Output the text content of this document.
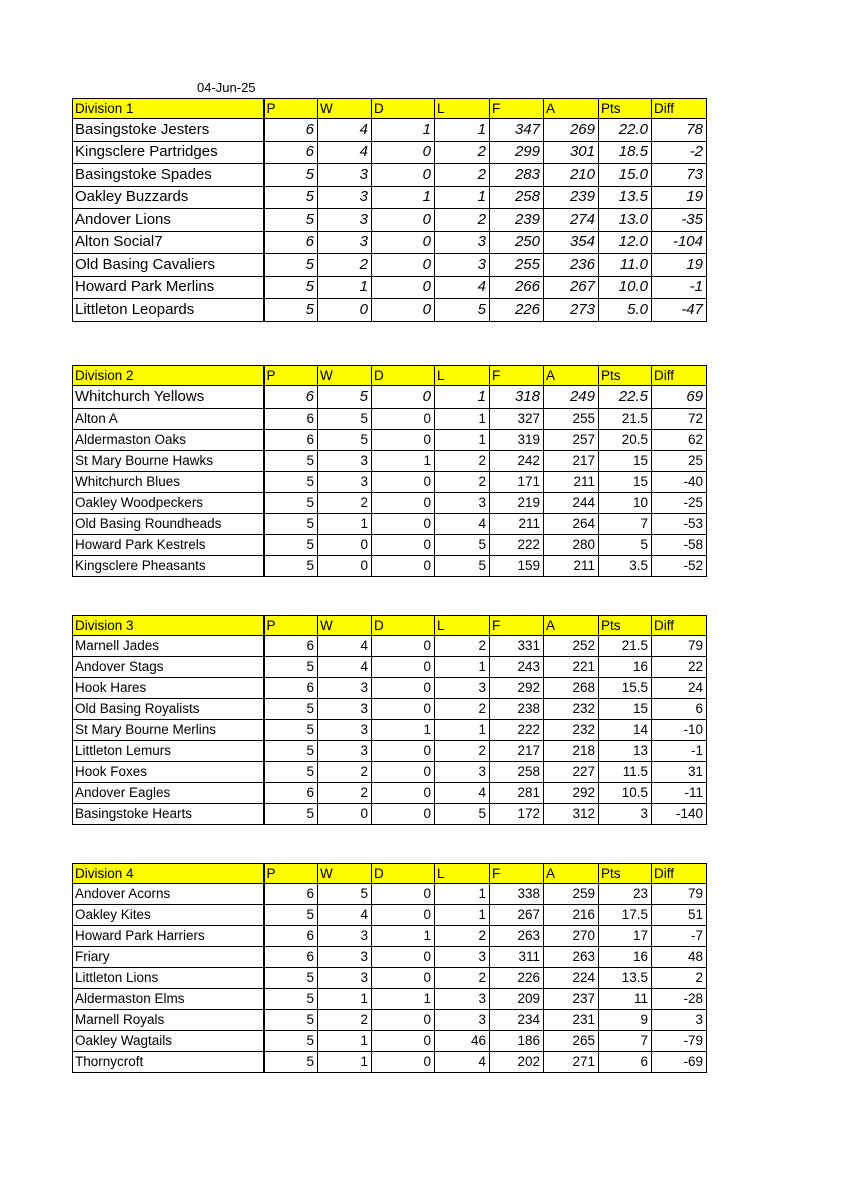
04-Jun-25
Division 1	P	W	D	L	F	A	Pts	Diff
Basingstoke Jesters	6	4	1	1	347	269	22.0	78
Kingsclere Partridges	6	4	0	2	299	301	18.5	-2
Basingstoke Spades	5	3	0	2	283	210	15.0	73
Oakley Buzzards	5	3	1	1	258	239	13.5	19
Andover Lions	5	3	0	2	239	274	13.0	-35
Alton Social7	6	3	0	3	250	354	12.0	-104
Old Basing Cavaliers	5	2	0	3	255	236	11.0	19
Howard Park Merlins	5	1	0	4	266	267	10.0	-1
Littleton Leopards	5	0	0	5	226	273	5.0	-47
Division 2	P	W	D	L	F	A	Pts	Diff
Whitchurch Yellows	6	5	0	1	318	249	22.5	69
Alton A	6	5	0	1	327	255	21.5	72
Aldermaston Oaks	6	5	0	1	319	257	20.5	62
St Mary Bourne Hawks	5	3	1	2	242	217	15	25
Whitchurch Blues	5	3	0	2	171	211	15	-40
Oakley Woodpeckers	5	2	0	3	219	244	10	-25
Old Basing Roundheads	5	1	0	4	211	264	7	-53
Howard Park Kestrels	5	0	0	5	222	280	5	-58
Kingsclere Pheasants	5	0	0	5	159	211	3.5	-52
Division 3	P	W	D	L	F	A	Pts	Diff
Marnell Jades	6	4	0	2	331	252	21.5	79
Andover Stags	5	4	0	1	243	221	16	22
Hook Hares	6	3	0	3	292	268	15.5	24
Old Basing Royalists	5	3	0	2	238	232	15	6
St Mary Bourne Merlins	5	3	1	1	222	232	14	-10
Littleton Lemurs	5	3	0	2	217	218	13	-1
Hook Foxes	5	2	0	3	258	227	11.5	31
Andover Eagles	6	2	0	4	281	292	10.5	-11
Basingstoke Hearts	5	0	0	5	172	312	3	-140
Division 4	P	W	D	L	F	A	Pts	Diff
Andover Acorns	6	5	0	1	338	259	23	79
Oakley Kites	5	4	0	1	267	216	17.5	51
Howard Park Harriers	6	3	1	2	263	270	17	-7
Friary	6	3	0	3	311	263	16	48
Littleton Lions	5	3	0	2	226	224	13.5	2
Aldermaston Elms	5	1	1	3	209	237	11	-28
Marnell Royals	5	2	0	3	234	231	9	3
Oakley Wagtails	5	1	0	46	186	265	7	-79
Thornycroft	5	1	0	4	202	271	6	-69
